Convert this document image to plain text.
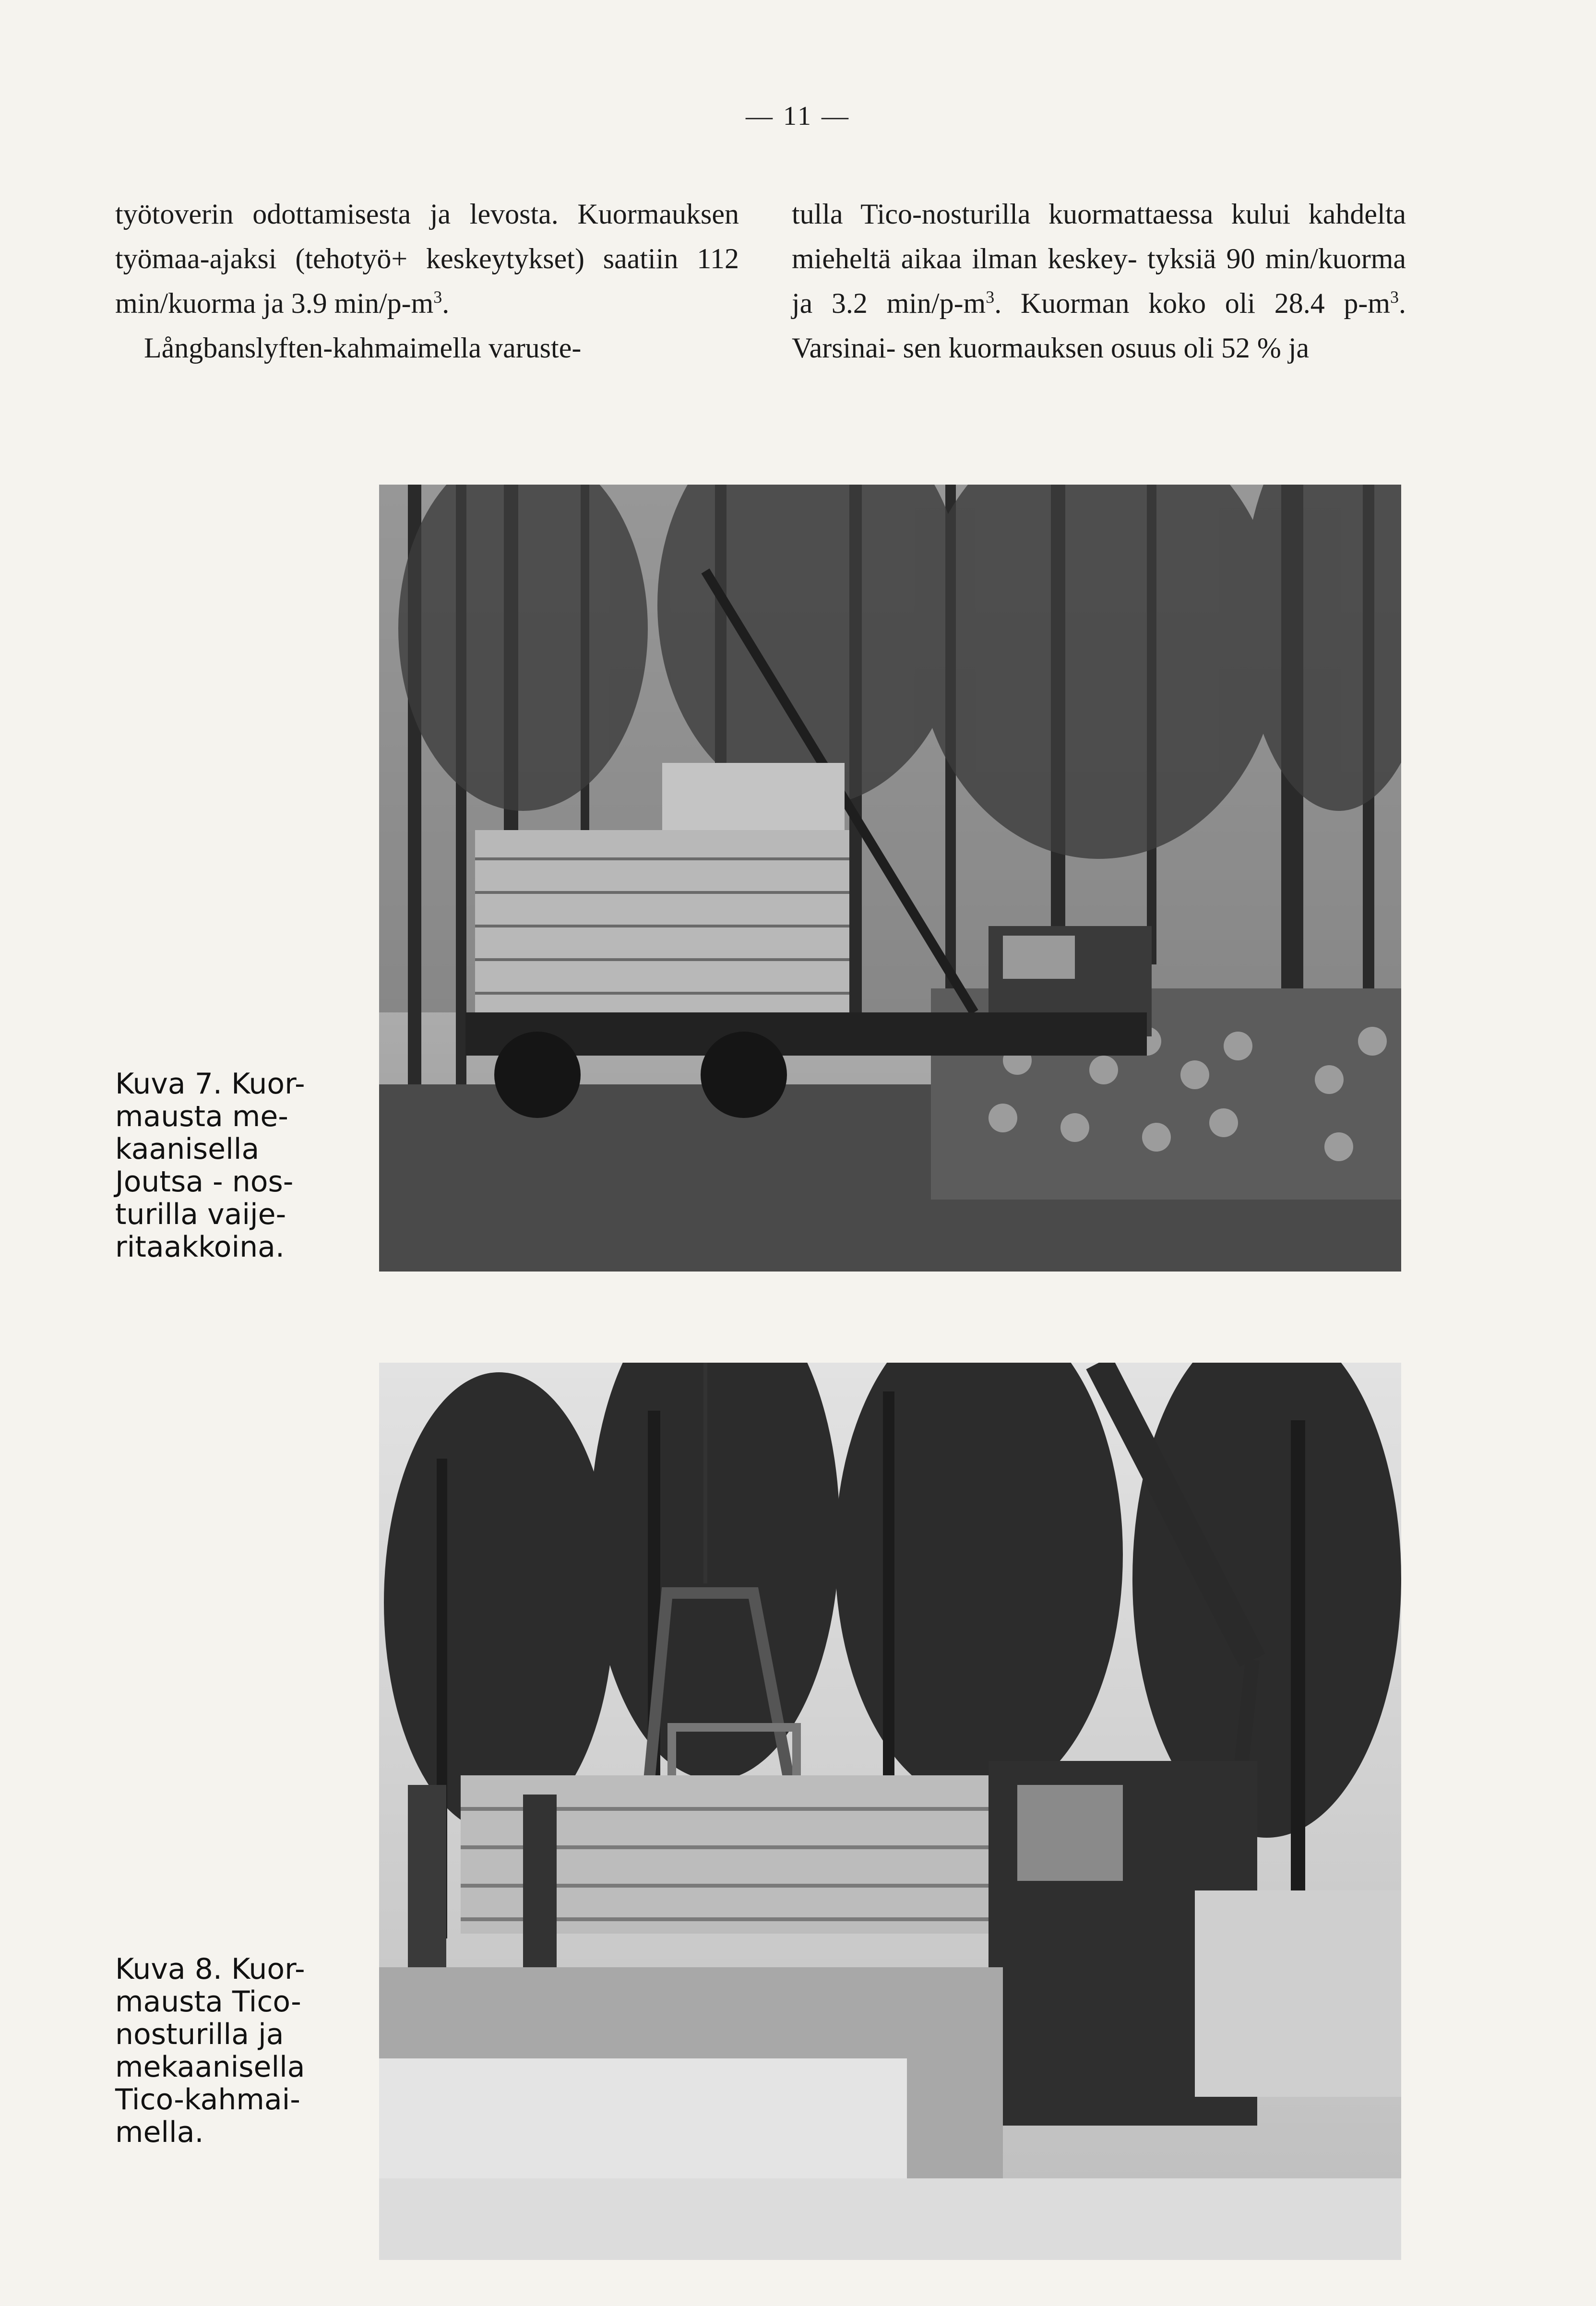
— 11 —

työtoverin odottamisesta ja levosta. Kuormauksen työmaa-ajaksi (tehotyö+ keskeytykset) saatiin 112 min/kuorma ja 3.9 $\min/p-m^3$.

Långbanslyften-kahmaimella varuste-

tulla Tico-nosturilla kuormattaessa kului kahdelta mieheltä aikaa ilman keskey- tyksiä 90 min/kuorma ja 3.2 $\min/p-m^3$. Kuorman koko oli 28.4 $p-m^3$. Varsinai- sen kuormauksen osuus oli 52 % ja

Kuva 7. Kuor-
mausta me-
kaanisella
Joutsa - nos-
turilla vaije-
ritaakkoina.
Kuva 8. Kuor-
mausta Tico-
nosturilla ja
mekaanisella
Tico-kahmai-
mella.
